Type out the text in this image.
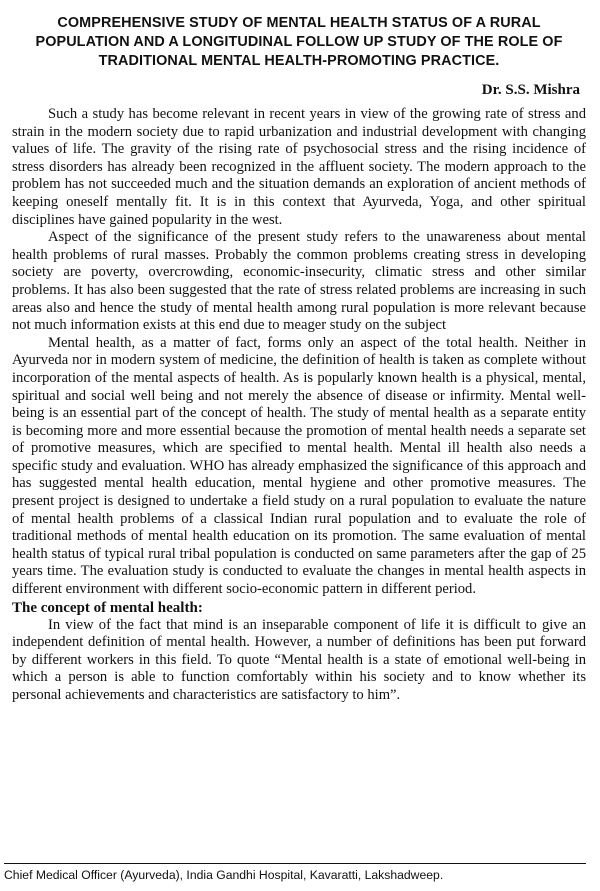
COMPREHENSIVE STUDY OF MENTAL HEALTH STATUS OF A RURAL POPULATION AND A LONGITUDINAL FOLLOW UP STUDY OF THE ROLE OF TRADITIONAL MENTAL HEALTH-PROMOTING PRACTICE.
Dr. S.S. Mishra

Such a study has become relevant in recent years in view of the growing rate of stress and strain in the modern society due to rapid urbanization and industrial development with changing values of life. The gravity of the rising rate of psychosocial stress and the rising incidence of stress disorders has already been recognized in the affluent society. The modern approach to the problem has not succeeded much and the situation demands an exploration of ancient methods of keeping oneself mentally fit. It is in this context that Ayurveda, Yoga, and other spiritual disciplines have gained popularity in the west.

Aspect of the significance of the present study refers to the unawareness about mental health problems of rural masses. Probably the common problems creating stress in developing society are poverty, overcrowding, economic-insecurity, climatic stress and other similar problems. It has also been suggested that the rate of stress related problems are increasing in such areas also and hence the study of mental health among rural population is more relevant because not much information exists at this end due to meager study on the subject

Mental health, as a matter of fact, forms only an aspect of the total health. Neither in Ayurveda nor in modern system of medicine, the definition of health is taken as complete without incorporation of the mental aspects of health. As is popularly known health is a physical, mental, spiritual and social well being and not merely the absence of disease or infirmity. Mental well-being is an essential part of the concept of health. The study of mental health as a separate entity is becoming more and more essential because the promotion of mental health needs a separate set of promotive measures, which are specified to mental health. Mental ill health also needs a specific study and evaluation. WHO has already emphasized the significance of this approach and has suggested mental health education, mental hygiene and other promotive measures. The present project is designed to undertake a field study on a rural population to evaluate the nature of mental health problems of a classical Indian rural population and to evaluate the role of traditional methods of mental health education on its promotion. The same evaluation of mental health status of typical rural tribal population is conducted on same parameters after the gap of 25 years time. The evaluation study is conducted to evaluate the changes in mental health aspects in different environment with different socio-economic pattern in different period.

The concept of mental health:

In view of the fact that mind is an inseparable component of life it is difficult to give an independent definition of mental health. However, a number of definitions has been put forward by different workers in this field. To quote “Mental health is a state of emotional well-being in which a person is able to function comfortably within his society and to know whether its personal achievements and characteristics are satisfactory to him”.

Chief Medical Officer (Ayurveda), India Gandhi Hospital, Kavaratti, Lakshadweep.
